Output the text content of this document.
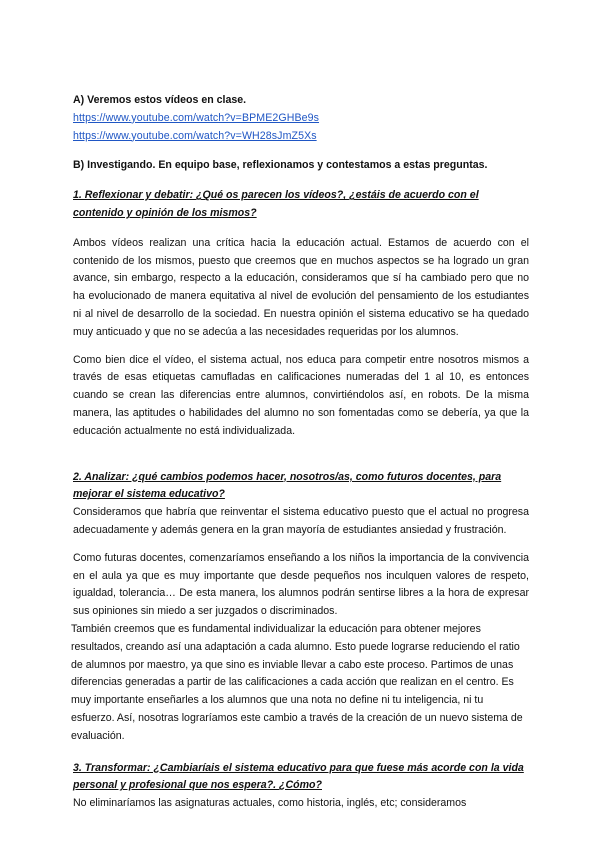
A) Veremos estos vídeos en clase.

https://www.youtube.com/watch?v=BPME2GHBe9s
https://www.youtube.com/watch?v=WH28sJmZ5Xs

B) Investigando. En equipo base, reflexionamos y contestamos a estas preguntas.

1. Reflexionar y debatir: ¿Qué os parecen los vídeos?, ¿estáis de acuerdo con el contenido y opinión de los mismos?

Ambos vídeos realizan una crítica hacia la educación actual. Estamos de acuerdo con el contenido de los mismos, puesto que creemos que en muchos aspectos se ha logrado un gran avance, sin embargo, respecto a la educación, consideramos que sí ha cambiado pero que no ha evolucionado de manera equitativa al nivel de evolución del pensamiento de los estudiantes ni al nivel de desarrollo de la sociedad. En nuestra opinión el sistema educativo se ha quedado muy anticuado y que no se adecúa a las necesidades requeridas por los alumnos.

Como bien dice el vídeo, el sistema actual, nos educa para competir entre nosotros mismos a través de esas etiquetas camufladas en calificaciones numeradas del 1 al 10, es entonces cuando se crean las diferencias entre alumnos, convirtiéndolos así, en robots. De la misma manera, las aptitudes o habilidades del alumno no son fomentadas como se debería, ya que la educación actualmente no está individualizada.

2. Analizar: ¿qué cambios podemos hacer, nosotros/as, como futuros docentes, para mejorar el sistema educativo?

Consideramos que habría que reinventar el sistema educativo puesto que el actual no progresa adecuadamente y además genera en la gran mayoría de estudiantes ansiedad y frustración.

Como futuras docentes, comenzaríamos enseñando a los niños la importancia de la convivencia en el aula ya que es muy importante que desde pequeños nos inculquen valores de respeto, igualdad, tolerancia… De esta manera, los alumnos podrán sentirse libres a la hora de expresar sus opiniones sin miedo a ser juzgados o discriminados.

También creemos que es fundamental individualizar la educación para obtener mejores resultados, creando así una adaptación a cada alumno. Esto puede lograrse reduciendo el ratio de alumnos por maestro, ya que sino es inviable llevar a cabo este proceso. Partimos de unas diferencias generadas a partir de las calificaciones a cada acción que realizan en el centro. Es muy importante enseñarles a los alumnos que una nota no define ni tu inteligencia, ni tu esfuerzo. Así, nosotras lograríamos este cambio a través de la creación de un nuevo sistema de evaluación.

3. Transformar: ¿Cambiaríais el sistema educativo para que fuese más acorde con la vida personal y profesional que nos espera?. ¿Cómo?

No eliminaríamos las asignaturas actuales, como historia, inglés, etc; consideramos
